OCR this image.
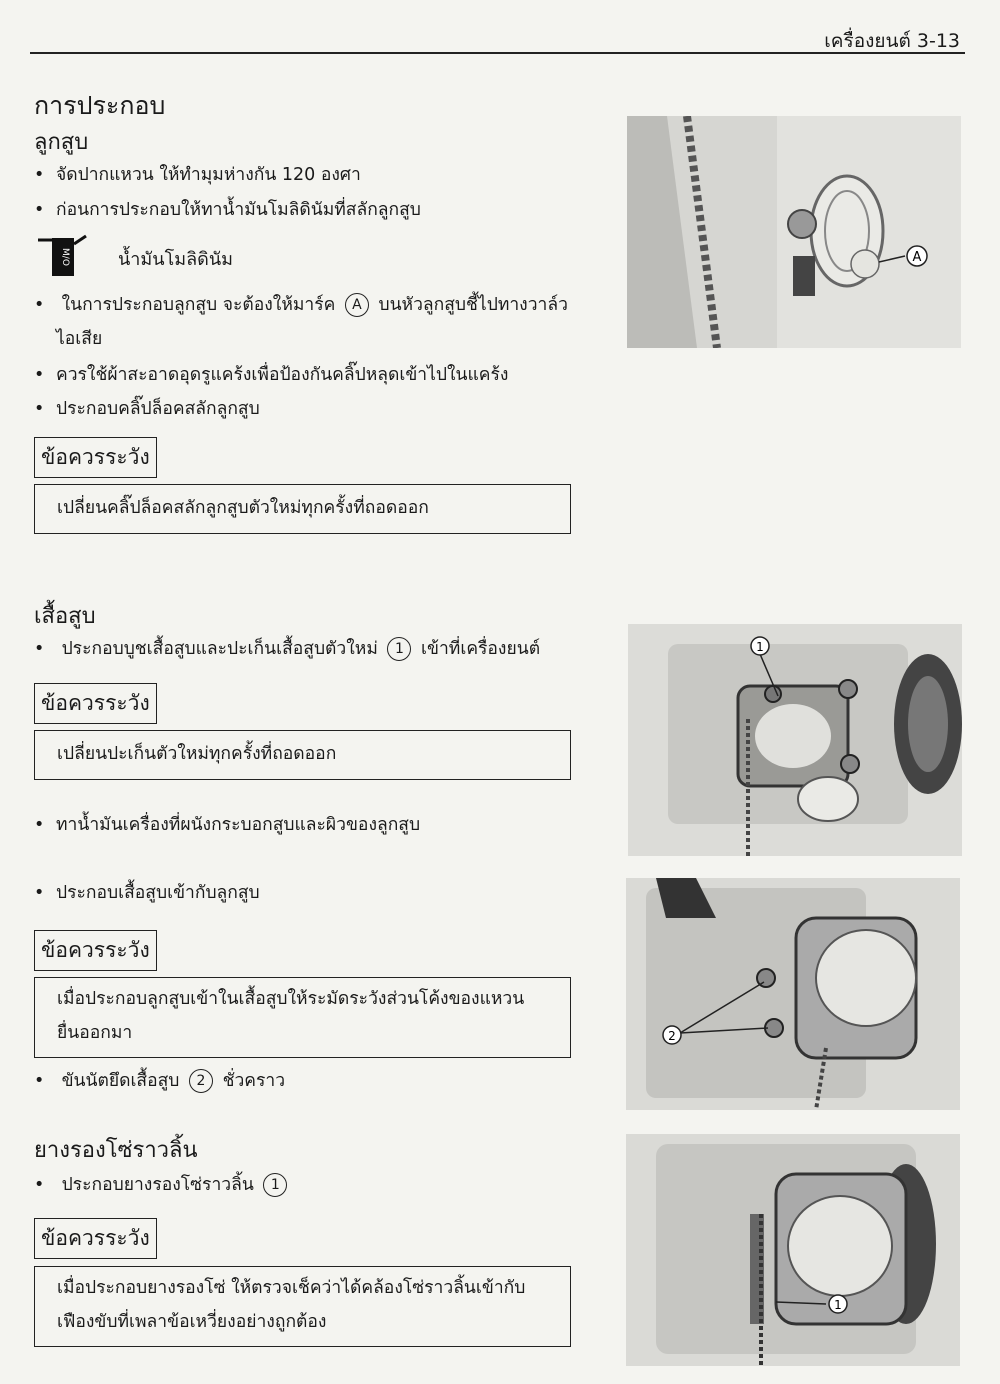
เครื่องยนต์ 3-13
การประกอบ
ลูกสูบ
• จัดปากแหวน ให้ทำมุมห่างกัน 120 องศา
• ก่อนการประกอบให้ทาน้ำมันโมลิดินัมที่สลักลูกสูบ
M/O	น้ำมันโมลิดินัม
• ในการประกอบลูกสูบ จะต้องให้มาร์ค A บนหัวลูกสูบชี้ไปทางวาล์ว
ไอเสีย
• ควรใช้ผ้าสะอาดอุดรูแคร้งเพื่อป้องกันคลิ๊ปหลุดเข้าไปในแคร้ง
• ประกอบคลิ๊ปล็อคสลักลูกสูบ
ข้อควรระวัง
เปลี่ยนคลิ๊ปล็อคสลักลูกสูบตัวใหม่ทุกครั้งที่ถอดออก
A
เสื้อสูบ
• ประกอบบูชเสื้อสูบและปะเก็นเสื้อสูบตัวใหม่ 1 เข้าที่เครื่องยนต์
ข้อควรระวัง
เปลี่ยนปะเก็นตัวใหม่ทุกครั้งที่ถอดออก
• ทาน้ำมันเครื่องที่ผนังกระบอกสูบและผิวของลูกสูบ
• ประกอบเสื้อสูบเข้ากับลูกสูบ
ข้อควรระวัง
เมื่อประกอบลูกสูบเข้าในเสื้อสูบให้ระมัดระวังส่วนโค้งของแหวน
ยื่นออกมา
• ขันนัตยึดเสื้อสูบ 2 ชั่วคราว
1
2
ยางรองโซ่ราวลิ้น
• ประกอบยางรองโซ่ราวลิ้น 1
ข้อควรระวัง
เมื่อประกอบยางรองโซ่ ให้ตรวจเช็คว่าได้คล้องโซ่ราวลิ้นเข้ากับ
เฟืองขับที่เพลาข้อเหวี่ยงอย่างถูกต้อง
1
